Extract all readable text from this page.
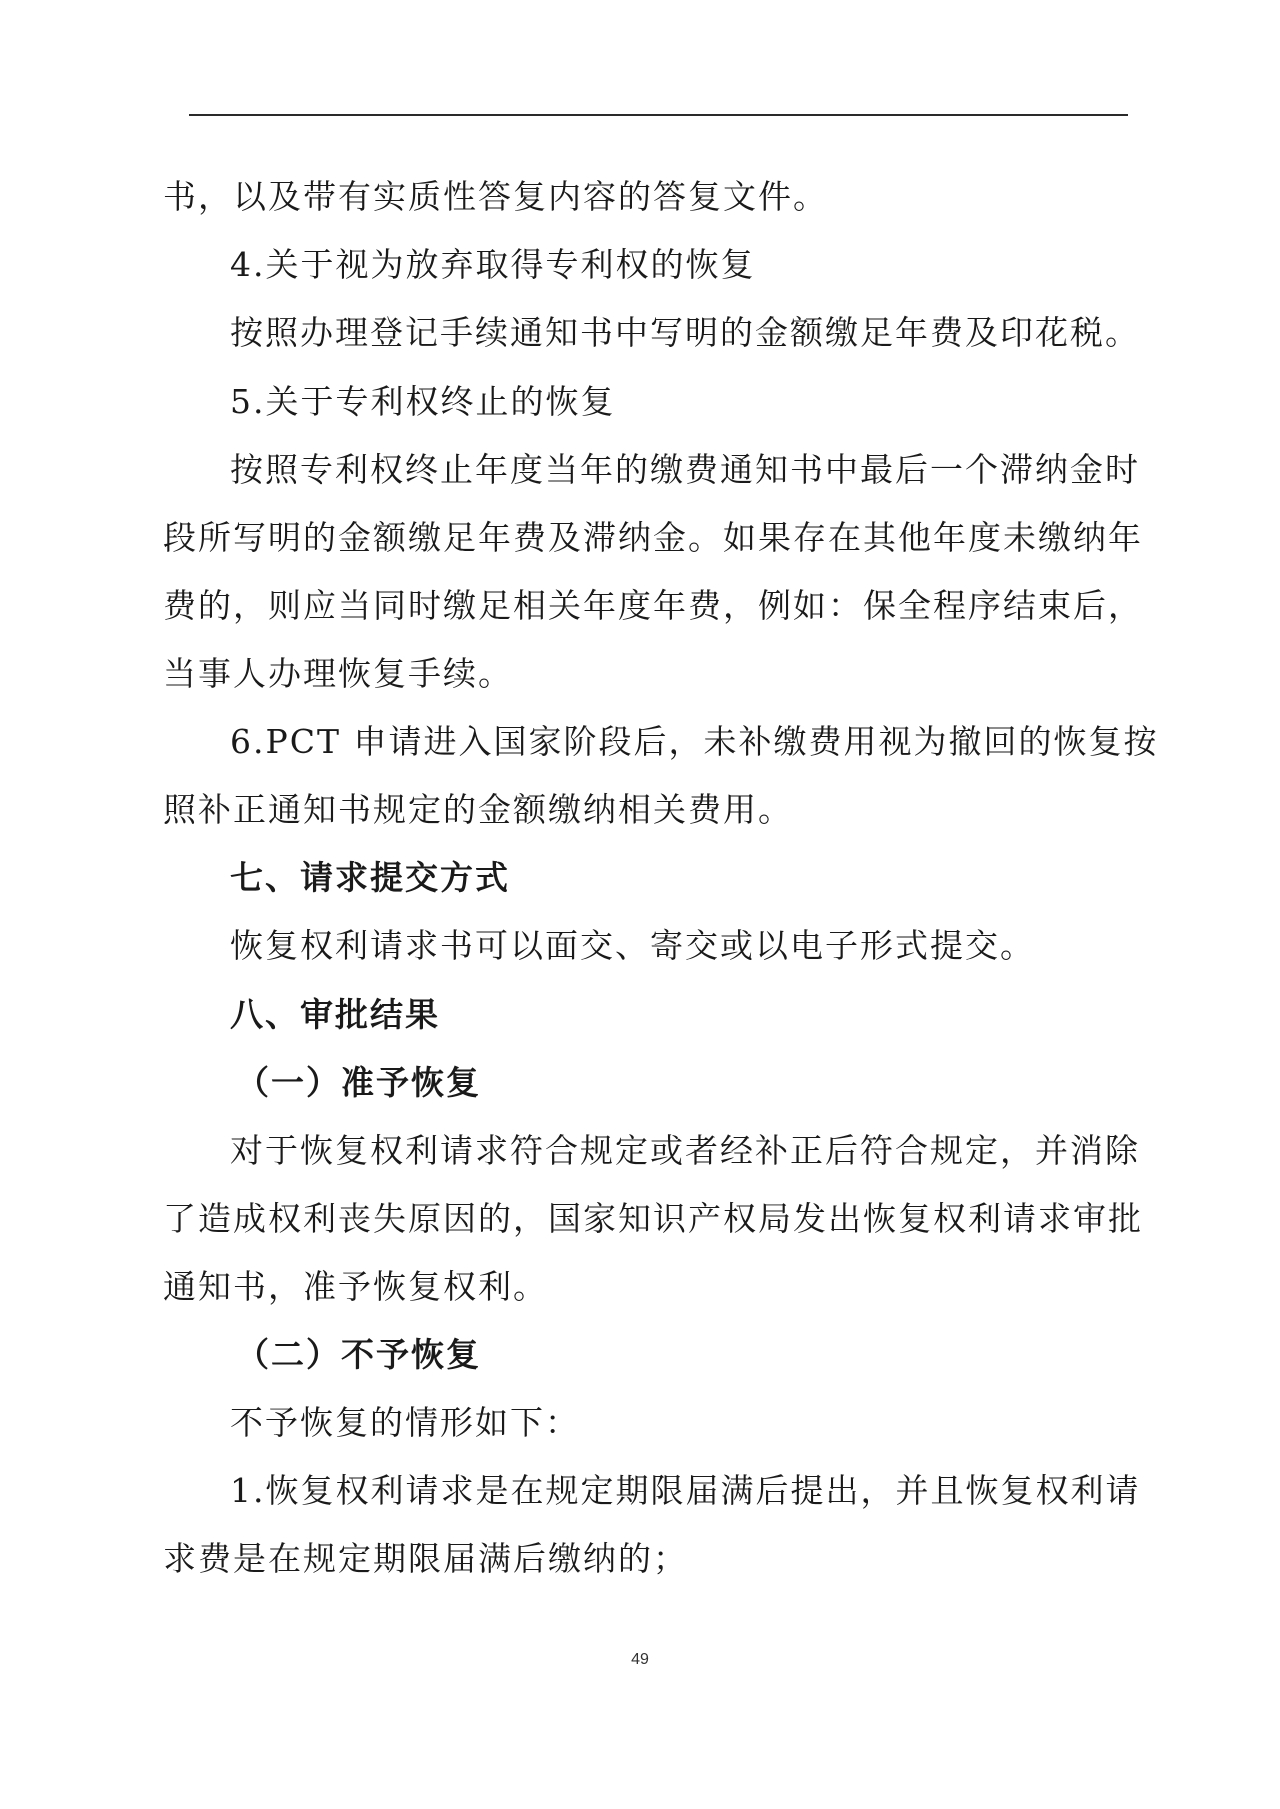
书，以及带有实质性答复内容的答复文件。
4.关于视为放弃取得专利权的恢复
按照办理登记手续通知书中写明的金额缴足年费及印花税。
5.关于专利权终止的恢复
按照专利权终止年度当年的缴费通知书中最后一个滞纳金时
段所写明的金额缴足年费及滞纳金。如果存在其他年度未缴纳年
费的，则应当同时缴足相关年度年费，例如：保全程序结束后，
当事人办理恢复手续。
6.PCT 申请进入国家阶段后，未补缴费用视为撤回的恢复按
照补正通知书规定的金额缴纳相关费用。
七、请求提交方式
恢复权利请求书可以面交、寄交或以电子形式提交。
八、审批结果
（一）准予恢复
对于恢复权利请求符合规定或者经补正后符合规定，并消除
了造成权利丧失原因的，国家知识产权局发出恢复权利请求审批
通知书，准予恢复权利。
（二）不予恢复
不予恢复的情形如下：
1.恢复权利请求是在规定期限届满后提出，并且恢复权利请
求费是在规定期限届满后缴纳的；
49
